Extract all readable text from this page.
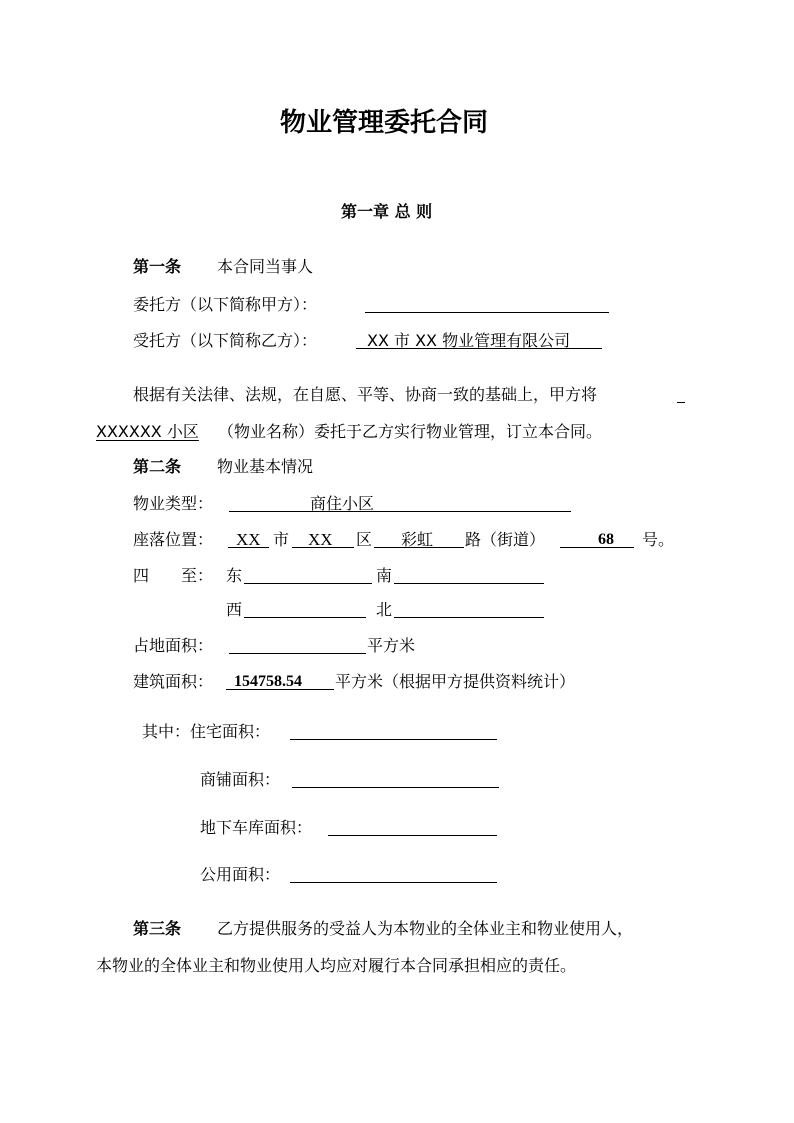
物业管理委托合同
第一章 总 则
第一条 本合同当事人
委托方（以下简称甲方）：
受托方（以下简称乙方）：	XX 市 XX 物业管理有限公司
根据有关法律、法规，在自愿、平等、协商一致的基础上，甲方将
XXXXXX 小区 （物业名称）委托于乙方实行物业管理，订立本合同。
第二条 物业基本情况
物业类型：	商住小区
座落位置： XX 市 XX 区 彩虹 路（街道）	68 号。
四　　至： 东	南
西	北
占地面积：	平方米
建筑面积： 154758.54 平方米（根据甲方提供资料统计）
其中：住宅面积：
商铺面积：
地下车库面积：
公用面积：
第三条 乙方提供服务的受益人为本物业的全体业主和物业使用人，
本物业的全体业主和物业使用人均应对履行本合同承担相应的责任。
